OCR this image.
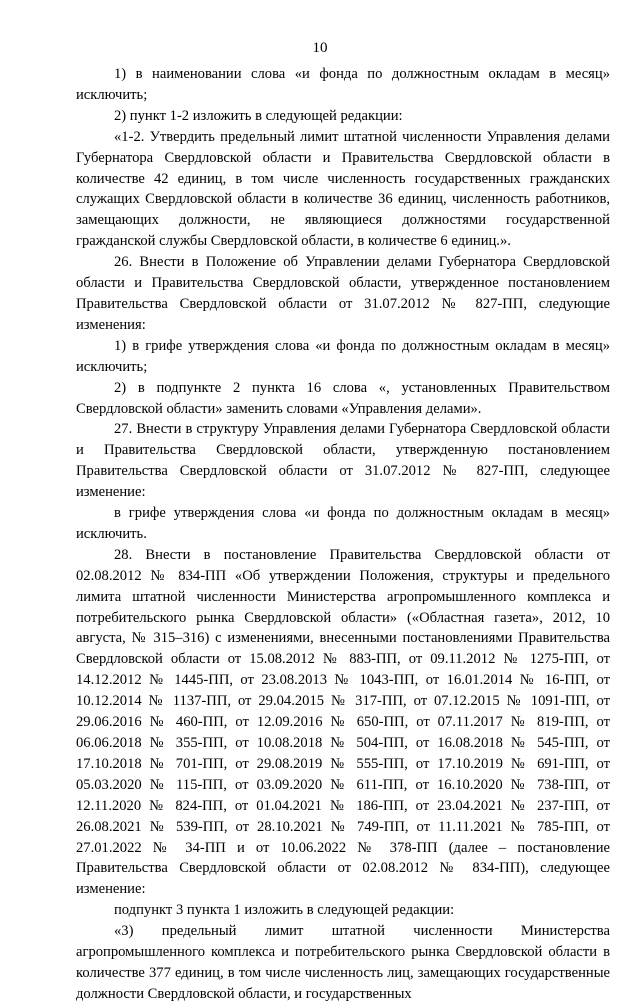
10

1) в наименовании слова «и фонда по должностным окладам в месяц» исключить;

2) пункт 1-2 изложить в следующей редакции:

«1-2. Утвердить предельный лимит штатной численности Управления делами Губернатора Свердловской области и Правительства Свердловской области в количестве 42 единиц, в том числе численность государственных гражданских служащих Свердловской области в количестве 36 единиц, численность работников, замещающих должности, не являющиеся должностями государственной гражданской службы Свердловской области, в количестве 6 единиц.».

26. Внести в Положение об Управлении делами Губернатора Свердловской области и Правительства Свердловской области, утвержденное постановлением Правительства Свердловской области от 31.07.2012 № 827-ПП, следующие изменения:

1) в грифе утверждения слова «и фонда по должностным окладам в месяц» исключить;

2) в подпункте 2 пункта 16 слова «, установленных Правительством Свердловской области» заменить словами «Управления делами».

27. Внести в структуру Управления делами Губернатора Свердловской области и Правительства Свердловской области, утвержденную постановлением Правительства Свердловской области от 31.07.2012 № 827-ПП, следующее изменение:

в грифе утверждения слова «и фонда по должностным окладам в месяц» исключить.

28. Внести в постановление Правительства Свердловской области от 02.08.2012 № 834-ПП «Об утверждении Положения, структуры и предельного лимита штатной численности Министерства агропромышленного комплекса и потребительского рынка Свердловской области» («Областная газета», 2012, 10 августа, № 315–316) с изменениями, внесенными постановлениями Правительства Свердловской области от 15.08.2012 № 883-ПП, от 09.11.2012 № 1275-ПП, от 14.12.2012 № 1445-ПП, от 23.08.2013 № 1043-ПП, от 16.01.2014 № 16-ПП, от 10.12.2014 № 1137-ПП, от 29.04.2015 № 317-ПП, от 07.12.2015 № 1091-ПП, от 29.06.2016 № 460-ПП, от 12.09.2016 № 650-ПП, от 07.11.2017 № 819-ПП, от 06.06.2018 № 355-ПП, от 10.08.2018 № 504-ПП, от 16.08.2018 № 545-ПП, от 17.10.2018 № 701-ПП, от 29.08.2019 № 555-ПП, от 17.10.2019 № 691-ПП, от 05.03.2020 № 115-ПП, от 03.09.2020 № 611-ПП, от 16.10.2020 № 738-ПП, от 12.11.2020 № 824-ПП, от 01.04.2021 № 186-ПП, от 23.04.2021 № 237-ПП, от 26.08.2021 № 539-ПП, от 28.10.2021 № 749-ПП, от 11.11.2021 № 785-ПП, от 27.01.2022 № 34-ПП и от 10.06.2022 № 378-ПП (далее – постановление Правительства Свердловской области от 02.08.2012 № 834-ПП), следующее изменение:

подпункт 3 пункта 1 изложить в следующей редакции:

«3) предельный лимит штатной численности Министерства агропромышленного комплекса и потребительского рынка Свердловской области в количестве 377 единиц, в том числе численность лиц, замещающих государственные должности Свердловской области, и государственных
